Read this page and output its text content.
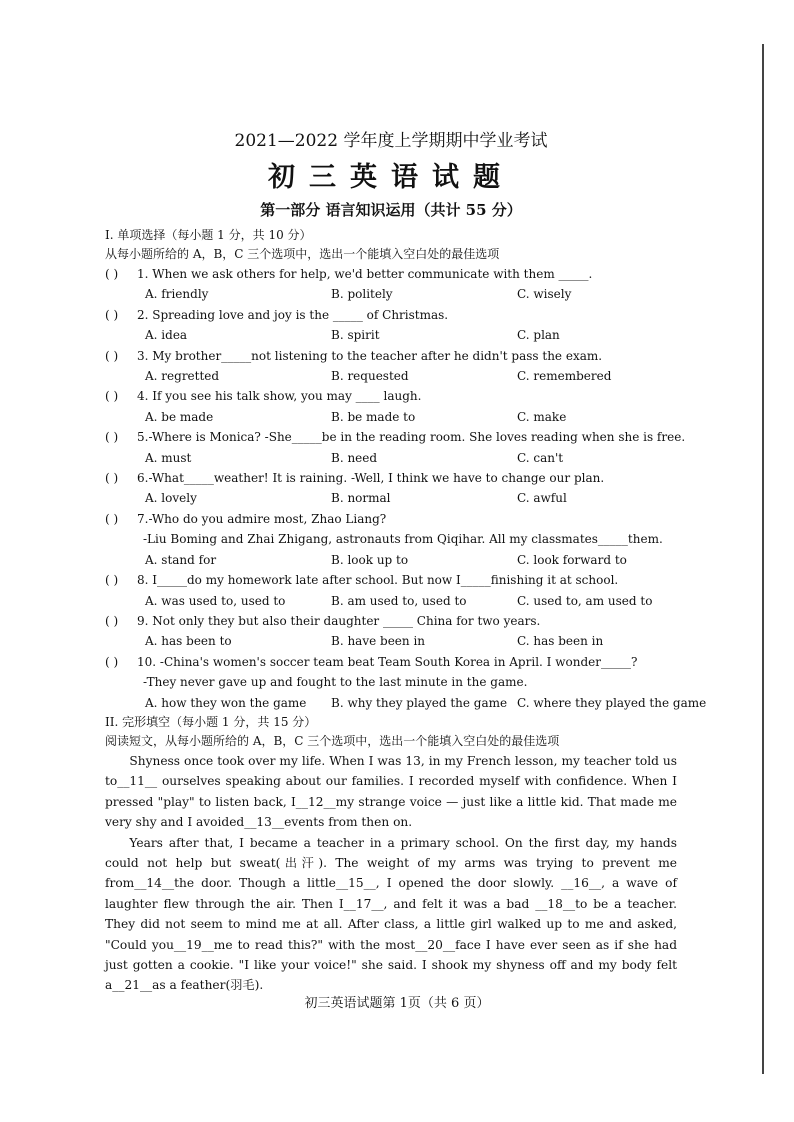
2021—2022 学年度上学期期中学业考试
初三英语试题
第一部分 语言知识运用（共计 55 分）
I. 单项选择（每小题 1 分，共 10 分）
从每小题所给的 A，B，C 三个选项中，选出一个能填入空白处的最佳选项
( )	1. When we ask others for help, we'd better communicate with them _____.
A. friendly	B. politely	C. wisely
( )	2. Spreading love and joy is the _____ of Christmas.
A. idea	B. spirit	C. plan
( )	3. My brother_____not listening to the teacher after he didn't pass the exam.
A. regretted	B. requested	C. remembered
( )	4. If you see his talk show, you may ____ laugh.
A. be made	B. be made to	C. make
( )	5.-Where is Monica? -She_____be in the reading room. She loves reading when she is free.
A. must	B. need	C. can't
( )	6.-What_____weather! It is raining. -Well, I think we have to change our plan.
A. lovely	B. normal	C. awful
( )	7.-Who do you admire most, Zhao Liang?
-Liu Boming and Zhai Zhigang, astronauts from Qiqihar. All my classmates_____them.
A. stand for	B. look up to	C. look forward to
( )	8. I_____do my homework late after school. But now I_____finishing it at school.
A. was used to, used to	B. am used to, used to	C. used to, am used to
( )	9. Not only they but also their daughter _____ China for two years.
A. has been to	B. have been in	C. has been in
( )	10. -China's women's soccer team beat Team South Korea in April. I wonder_____?
-They never gave up and fought to the last minute in the game.
A. how they won the game	B. why they played the game C. where they played the game
II. 完形填空（每小题 1 分，共 15 分）
阅读短文，从每小题所给的 A，B，C 三个选项中，选出一个能填入空白处的最佳选项

Shyness once took over my life. When I was 13, in my French lesson, my teacher told us to__11__ ourselves speaking about our families. I recorded myself with confidence. When I pressed "play" to listen back, I__12__my strange voice — just like a little kid. That made me very shy and I avoided__13__events from then on.

Years after that, I became a teacher in a primary school. On the first day, my hands could not help but sweat(出汗). The weight of my arms was trying to prevent me from__14__the door. Though a little__15__, I opened the door slowly. __16__, a wave of laughter flew through the air. Then I__17__, and felt it was a bad __18__to be a teacher. They did not seem to mind me at all. After class, a little girl walked up to me and asked, "Could you__19__me to read this?" with the most__20__face I have ever seen as if she had just gotten a cookie. "I like your voice!" she said. I shook my shyness off and my body felt a__21__as a feather(羽毛).

初三英语试题第 1页（共 6 页）
